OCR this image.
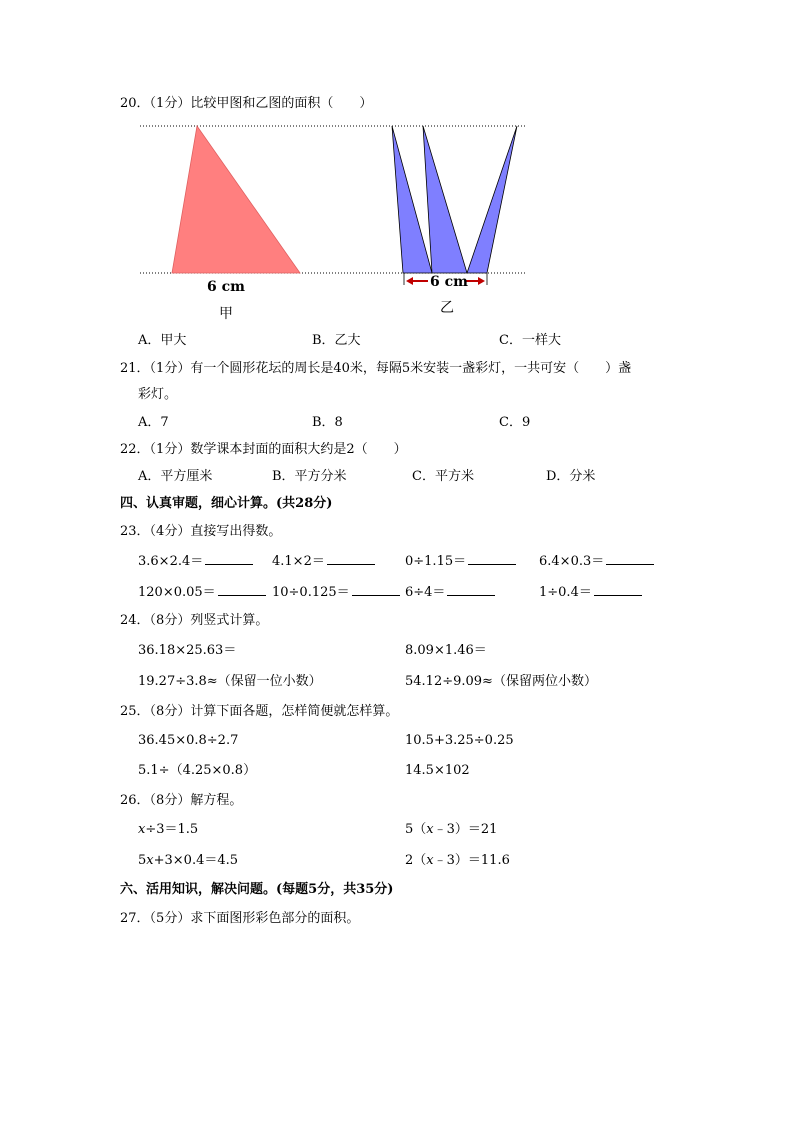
20．（1分）比较甲图和乙图的面积（　　）
6 cm
甲
6 cm
乙
A．甲大	B．乙大	C．一样大
21．（1分）有一个圆形花坛的周长是40米，每隔5米安装一盏彩灯，一共可安（　　）盏
彩灯。
A．7	B．8	C．9
22．（1分）数学课本封面的面积大约是2（　　）
A．平方厘米	B．平方分米	C．平方米	D．分米
四、认真审题，细心计算。(共28分)
23．（4分）直接写出得数。
3.6×2.4＝	4.1×2＝	0÷1.15＝	6.4×0.3＝
120×0.05＝	10÷0.125＝	6÷4＝	1÷0.4＝
24．（8分）列竖式计算。
36.18×25.63＝	8.09×1.46＝
19.27÷3.8≈（保留一位小数）	54.12÷9.09≈（保留两位小数）
25．（8分）计算下面各题，怎样简便就怎样算。
36.45×0.8÷2.7	10.5+3.25÷0.25
5.1÷（4.25×0.8）	14.5×102
26．（8分）解方程。
x÷3＝1.5	5（x﹣3）＝21
5x+3×0.4＝4.5	2（x﹣3）＝11.6
六、活用知识，解决问题。(每题5分，共35分)
27．（5分）求下面图形彩色部分的面积。
